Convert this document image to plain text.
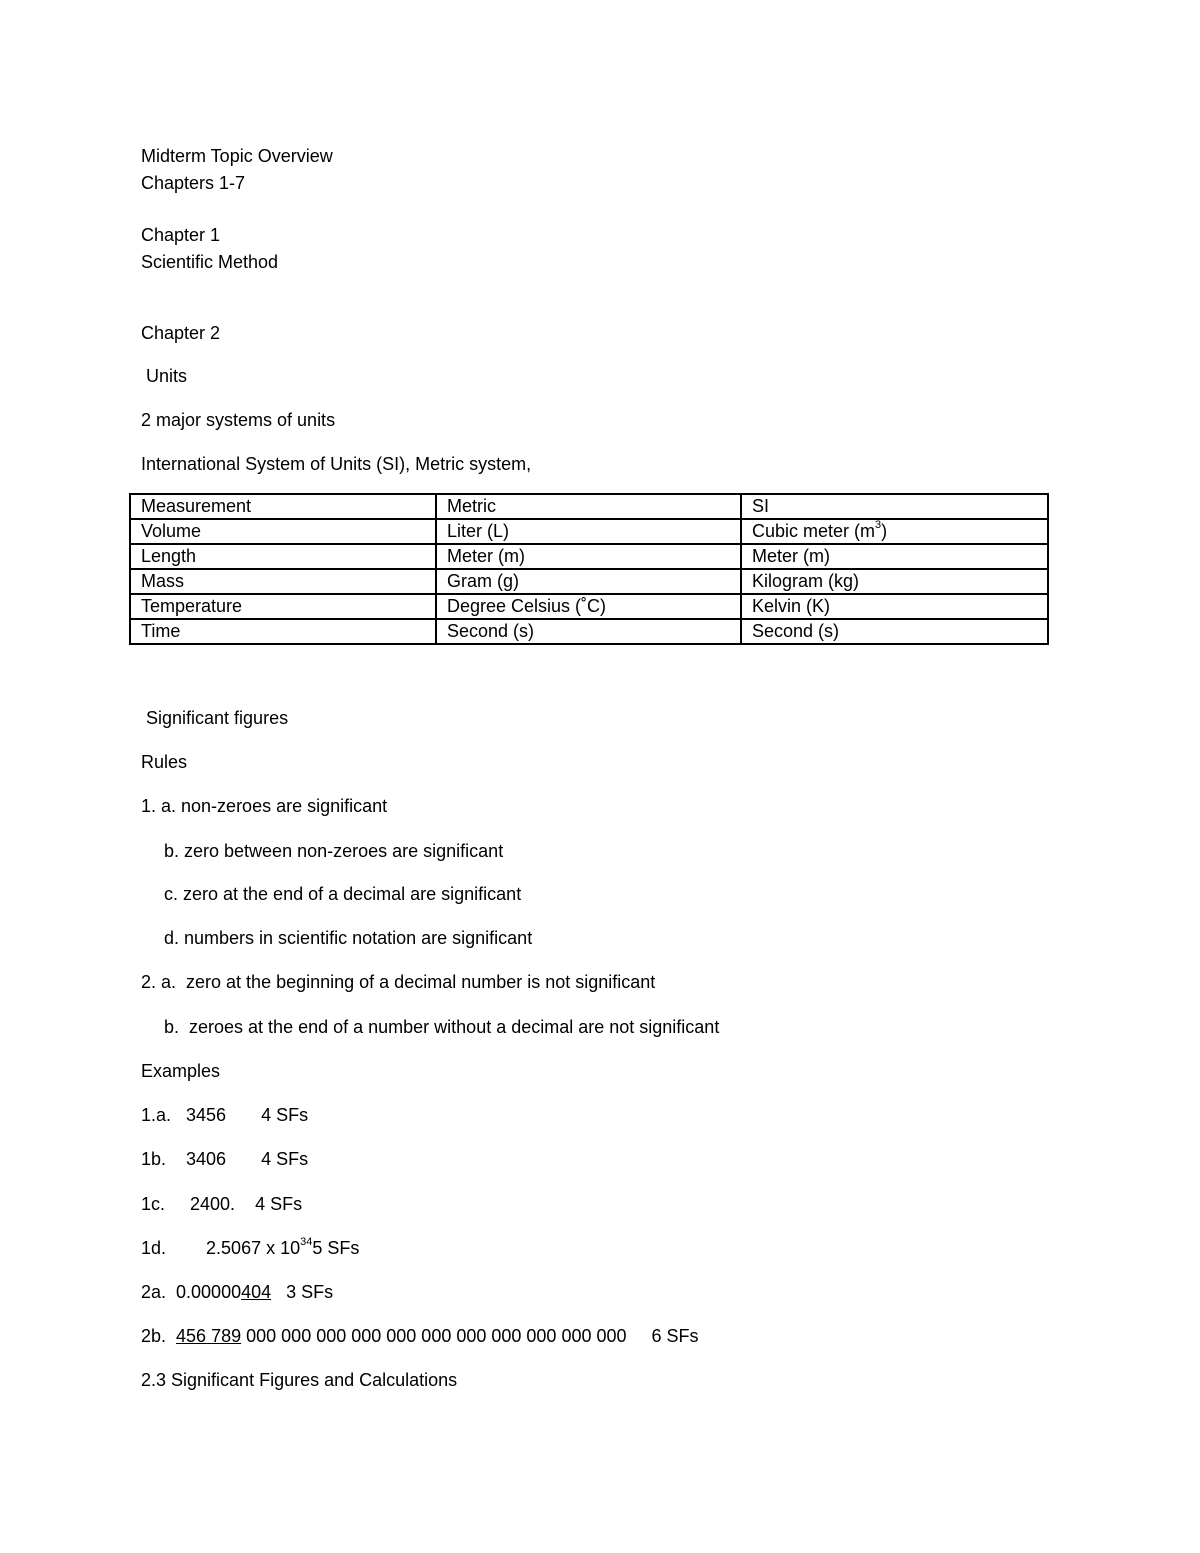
Midterm Topic Overview
Chapters 1-7
Chapter 1
Scientific Method
Chapter 2
Units
2 major systems of units
International System of Units (SI), Metric system,
Measurement	Metric	SI
Volume	Liter (L)	Cubic meter $(m^3)$
Length	Meter (m)	Meter (m)
Mass	Gram (g)	Kilogram (kg)
Temperature	Degree Celsius (˚C)	Kelvin (K)
Time	Second (s)	Second (s)
Significant figures
Rules
1. a. non-zeroes are significant
b. zero between non-zeroes are significant
c. zero at the end of a decimal are significant
d. numbers in scientific notation are significant
2. a.  zero at the beginning of a decimal number is not significant
b.  zeroes at the end of a number without a decimal are not significant
Examples
1.a.   3456       4 SFs
1b.    3406       4 SFs
1c.     2400.    4 SFs
1d.        2.5067 x $10^{34}5$ SFs
2a.  0.00000404   3 SFs
2b.  456 789 000 000 000 000 000 000 000 000 000 000 000     6 SFs
2.3 Significant Figures and Calculations
